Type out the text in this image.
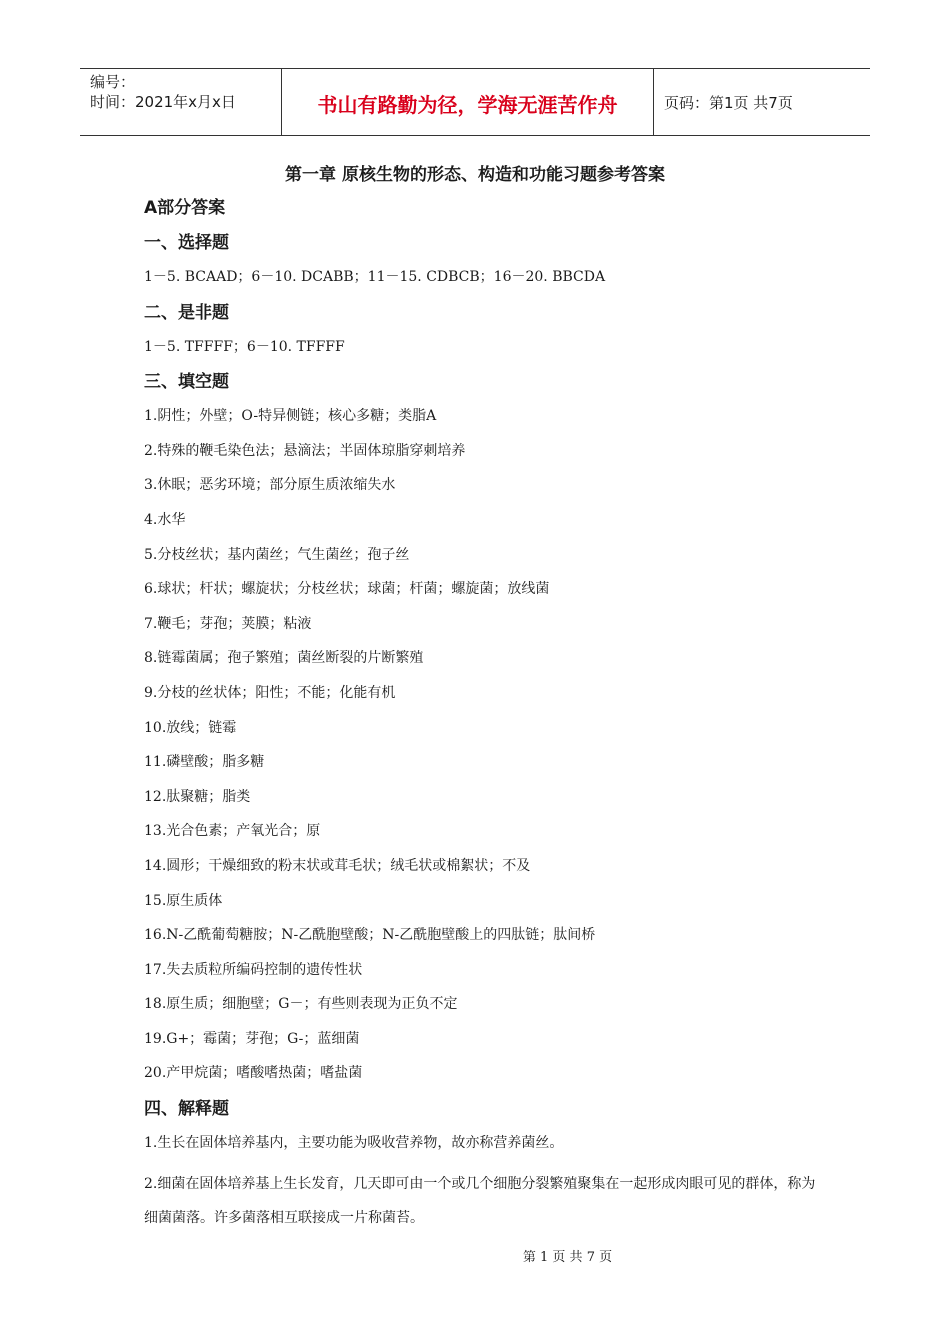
编号：
时间：2021年x月x日	书山有路勤为径，学海无涯苦作舟	页码：第1页 共7页
第一章 原核生物的形态、构造和功能习题参考答案
A部分答案
一、选择题
1－5. BCAAD；6－10. DCABB；11－15. CDBCB；16－20. BBCDA
二、是非题
1－5. TFFFF；6－10. TFFFF
三、填空题
1.阴性；外壁；O-特异侧链；核心多糖；类脂A
2.特殊的鞭毛染色法；悬滴法；半固体琼脂穿刺培养
3.休眠；恶劣环境；部分原生质浓缩失水
4.水华
5.分枝丝状；基内菌丝；气生菌丝；孢子丝
6.球状；杆状；螺旋状；分枝丝状；球菌；杆菌；螺旋菌；放线菌
7.鞭毛；芽孢；荚膜；粘液
8.链霉菌属；孢子繁殖；菌丝断裂的片断繁殖
9.分枝的丝状体；阳性；不能；化能有机
10.放线；链霉
11.磷壁酸；脂多糖
12.肽聚糖；脂类
13.光合色素；产氧光合；原
14.圆形；干燥细致的粉末状或茸毛状；绒毛状或棉絮状；不及
15.原生质体
16.N-乙酰葡萄糖胺；N-乙酰胞壁酸；N-乙酰胞壁酸上的四肽链；肽间桥
17.失去质粒所编码控制的遗传性状
18.原生质；细胞壁；G－；有些则表现为正负不定
19.G+；霉菌；芽孢；G-；蓝细菌
20.产甲烷菌；嗜酸嗜热菌；嗜盐菌
四、解释题
1.生长在固体培养基内，主要功能为吸收营养物，故亦称营养菌丝。
2.细菌在固体培养基上生长发育，几天即可由一个或几个细胞分裂繁殖聚集在一起形成肉眼可见的群体，称为细菌菌落。许多菌落相互联接成一片称菌苔。
第 1 页 共 7 页
